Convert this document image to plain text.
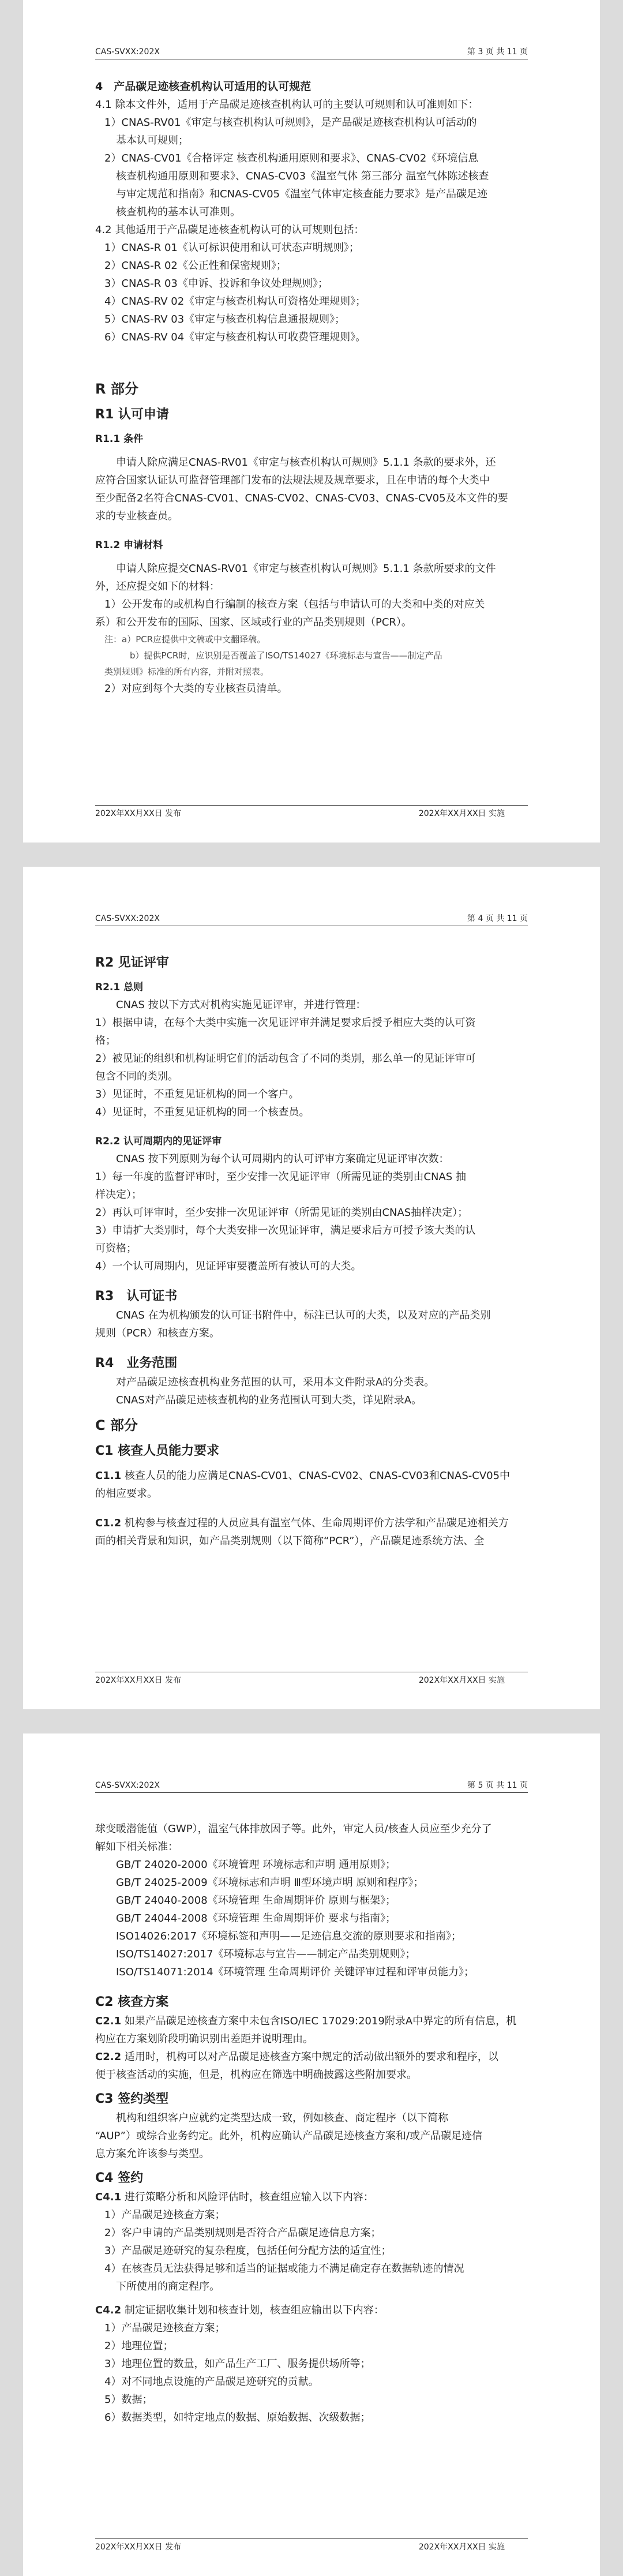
CAS-SVXX:202X	第 3 页 共 11 页

4　产品碳足迹核查机构认可适用的认可规范

4.1 除本文件外，适用于产品碳足迹核查机构认可的主要认可规则和认可准则如下：

1）CNAS-RV01《审定与核查机构认可规则》，是产品碳足迹核查机构认可活动的

基本认可规则；

2）CNAS-CV01《合格评定 核查机构通用原则和要求》、CNAS-CV02《环境信息

核查机构通用原则和要求》、CNAS-CV03《温室气体 第三部分 温室气体陈述核查

与审定规范和指南》和CNAS-CV05《温室气体审定核查能力要求》是产品碳足迹

核查机构的基本认可准则。

4.2 其他适用于产品碳足迹核查机构认可的认可规则包括：

1）CNAS-R 01《认可标识使用和认可状态声明规则》；

2）CNAS-R 02《公正性和保密规则》；

3）CNAS-R 03《申诉、投诉和争议处理规则》；

4）CNAS-RV 02《审定与核查机构认可资格处理规则》；

5）CNAS-RV 03《审定与核查机构信息通报规则》；

6）CNAS-RV 04《审定与核查机构认可收费管理规则》。

R 部分

R1 认可申请

R1.1 条件

申请人除应满足CNAS-RV01《审定与核查机构认可规则》5.1.1 条款的要求外，还

应符合国家认证认可监督管理部门发布的法规法规及规章要求，且在申请的每个大类中

至少配备2名符合CNAS-CV01、CNAS-CV02、CNAS-CV03、CNAS-CV05及本文件的要

求的专业核查员。

R1.2 申请材料

申请人除应提交CNAS-RV01《审定与核查机构认可规则》5.1.1 条款所要求的文件

外，还应提交如下的材料：

1）公开发布的或机构自行编制的核查方案（包括与申请认可的大类和中类的对应关

系）和公开发布的国际、国家、区域或行业的产品类别规则（PCR）。

注：a）PCR应提供中文稿或中文翻译稿。

b）提供PCR时，应识别是否覆盖了ISO/TS14027《环境标志与宣告——制定产品

类别规则》标准的所有内容，并附对照表。

2）对应到每个大类的专业核查员清单。

202X年XX月XX日 发布	202X年XX月XX日 实施
CAS-SVXX:202X	第 4 页 共 11 页

R2 见证评审

R2.1 总则

CNAS 按以下方式对机构实施见证评审，并进行管理：

1）根据申请，在每个大类中实施一次见证评审并满足要求后授予相应大类的认可资

格；

2）被见证的组织和机构证明它们的活动包含了不同的类别，那么单一的见证评审可

包含不同的类别。

3）见证时，不重复见证机构的同一个客户。

4）见证时，不重复见证机构的同一个核查员。

R2.2 认可周期内的见证评审

CNAS 按下列原则为每个认可周期内的认可评审方案确定见证评审次数：

1）每一年度的监督评审时，至少安排一次见证评审（所需见证的类别由CNAS 抽

样决定）；

2）再认可评审时，至少安排一次见证评审（所需见证的类别由CNAS抽样决定）；

3）申请扩大类别时，每个大类安排一次见证评审，满足要求后方可授予该大类的认

可资格；

4）一个认可周期内，见证评审要覆盖所有被认可的大类。

R3　认可证书

CNAS 在为机构颁发的认可证书附件中，标注已认可的大类，以及对应的产品类别

规则（PCR）和核查方案。

R4　业务范围

对产品碳足迹核查机构业务范围的认可，采用本文件附录A的分类表。

CNAS对产品碳足迹核查机构的业务范围认可到大类，详见附录A。

C 部分

C1 核查人员能力要求

C1.1 核查人员的能力应满足CNAS-CV01、CNAS-CV02、CNAS-CV03和CNAS-CV05中

的相应要求。

C1.2 机构参与核查过程的人员应具有温室气体、生命周期评价方法学和产品碳足迹相关方

面的相关背景和知识，如产品类别规则（以下简称“PCR”），产品碳足迹系统方法、全

202X年XX月XX日 发布	202X年XX月XX日 实施
CAS-SVXX:202X	第 5 页 共 11 页

球变暖潜能值（GWP），温室气体排放因子等。此外，审定人员/核查人员应至少充分了

解如下相关标准：

GB/T 24020-2000《环境管理 环境标志和声明 通用原则》；

GB/T 24025-2009《环境标志和声明 Ⅲ型环境声明 原则和程序》；

GB/T 24040-2008《环境管理 生命周期评价 原则与框架》；

GB/T 24044-2008《环境管理 生命周期评价 要求与指南》；

ISO14026:2017《环境标签和声明——足迹信息交流的原则要求和指南》；

ISO/TS14027:2017《环境标志与宣告——制定产品类别规则》；

ISO/TS14071:2014《环境管理 生命周期评价 关键评审过程和评审员能力》；

C2 核查方案

C2.1 如果产品碳足迹核查方案中未包含ISO/IEC 17029:2019附录A中界定的所有信息，机

构应在方案划阶段明确识别出差距并说明理由。

C2.2 适用时，机构可以对产品碳足迹核查方案中规定的活动做出额外的要求和程序，以

便于核查活动的实施，但是，机构应在筛选中明确披露这些附加要求。

C3 签约类型

机构和组织客户应就约定类型达成一致，例如核查、商定程序（以下简称

“AUP”）或综合业务约定。此外，机构应确认产品碳足迹核查方案和/或产品碳足迹信

息方案允许该参与类型。

C4 签约

C4.1 进行策略分析和风险评估时，核查组应输入以下内容：

1）产品碳足迹核查方案；

2）客户申请的产品类别规则是否符合产品碳足迹信息方案；

3）产品碳足迹研究的复杂程度，包括任何分配方法的适宜性；

4）在核查员无法获得足够和适当的证据或能力不满足确定存在数据轨迹的情况

下所使用的商定程序。

C4.2 制定证据收集计划和核查计划，核查组应输出以下内容：

1）产品碳足迹核查方案；

2）地理位置；

3）地理位置的数量，如产品生产工厂、服务提供场所等；

4）对不同地点设施的产品碳足迹研究的贡献。

5）数据；

6）数据类型，如特定地点的数据、原始数据、次级数据；

202X年XX月XX日 发布	202X年XX月XX日 实施
